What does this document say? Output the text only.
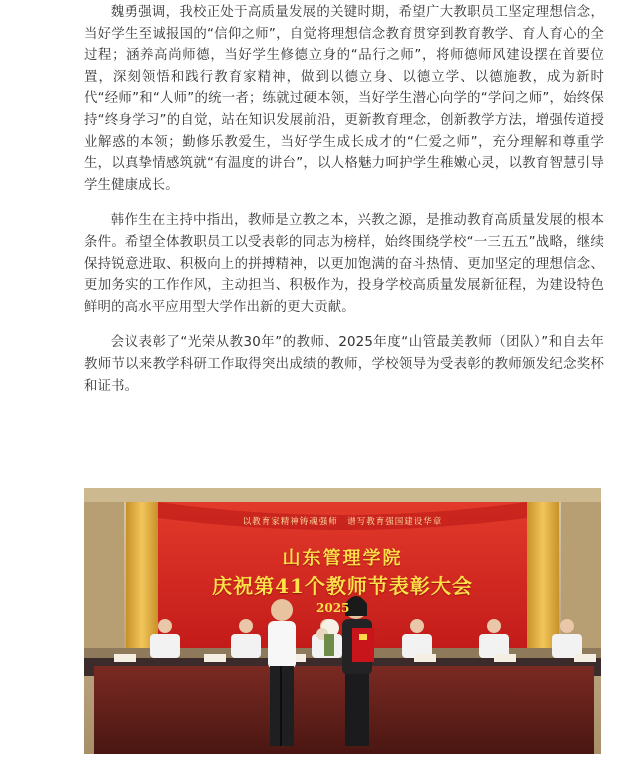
魏勇强调，我校正处于高质量发展的关键时期，希望广大教职员工坚定理想信念，当好学生至诚报国的“信仰之师”，自觉将理想信念教育贯穿到教育教学、育人育心的全过程；涵养高尚师德，当好学生修德立身的“品行之师”，将师德师风建设摆在首要位置，深刻领悟和践行教育家精神，做到以德立身、以德立学、以德施教，成为新时代“经师”和“人师”的统一者；练就过硬本领，当好学生潜心向学的“学问之师”，始终保持“终身学习”的自觉，站在知识发展前沿，更新教育理念，创新教学方法，增强传道授业解惑的本领；勤修乐教爱生，当好学生成长成才的“仁爱之师”，充分理解和尊重学生，以真挚情感筑就“有温度的讲台”，以人格魅力呵护学生稚嫩心灵，以教育智慧引导学生健康成长。

韩作生在主持中指出，教师是立教之本，兴教之源，是推动教育高质量发展的根本条件。希望全体教职员工以受表彰的同志为榜样，始终围绕学校“一三五五”战略，继续保持锐意进取、积极向上的拼搏精神，以更加饱满的奋斗热情、更加坚定的理想信念、更加务实的工作作风，主动担当、积极作为，投身学校高质量发展新征程，为建设特色鲜明的高水平应用型大学作出新的更大贡献。

会议表彰了“光荣从教30年”的教师、2025年度“山管最美教师（团队）”和自去年教师节以来教学科研工作取得突出成绩的教师，学校领导为受表彰的教师颁发纪念奖杯和证书。

以教育家精神铸魂强师　谱写教育强国建设华章
山东管理学院
庆祝第41个教师节表彰大会
2025
